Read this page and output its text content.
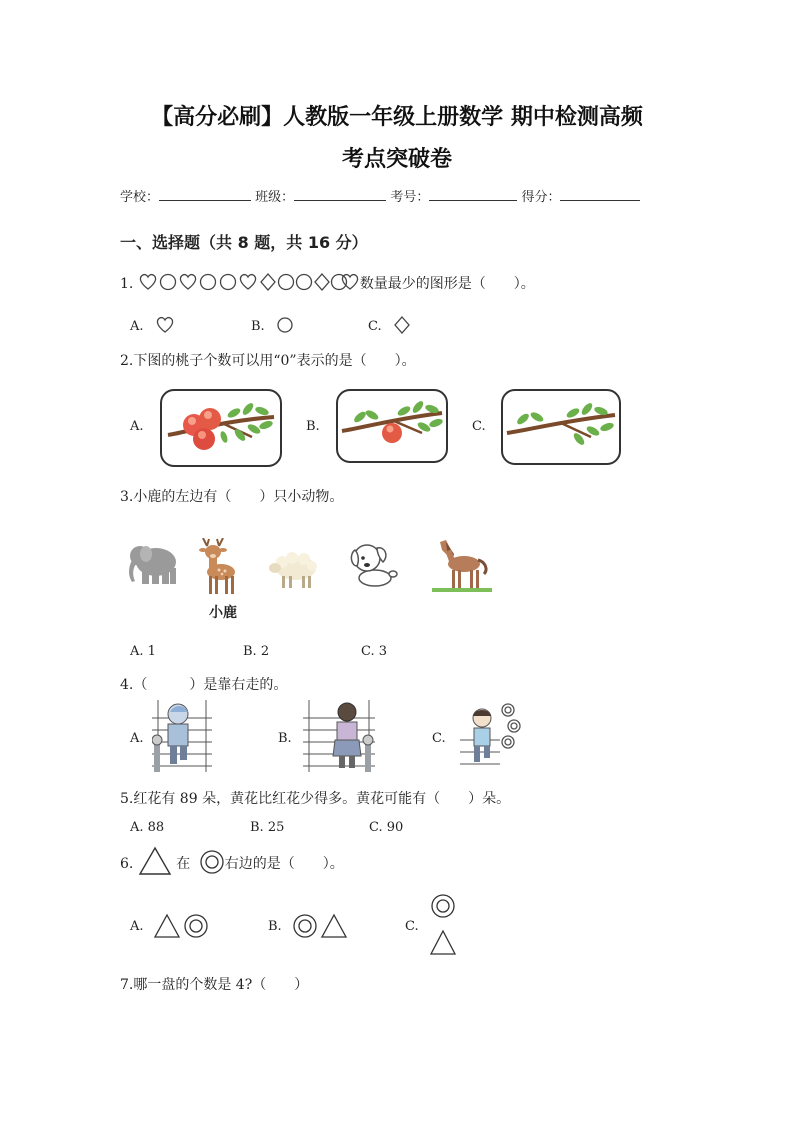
【高分必刷】人教版一年级上册数学 期中检测高频
考点突破卷
学校：	班级：	考号：	得分：
一、选择题（共 8 题，共 16 分）
1.	数量最少的图形是（　　）。
A.	B.	C.
2.下图的桃子个数可以用“0”表示的是（　　）。
A.	B.	C.
3.小鹿的左边有（　　）只小动物。
小鹿
A. 1	B. 2	C. 3
4.（　　　）是靠右走的。
A.	B.	C.
5.红花有 89 朵，黄花比红花少得多。黄花可能有（　　）朵。
A. 88	B. 25	C. 90
6.	在 右边的是（　　）。
A.	B.	C.
7.哪一盘的个数是 4?（　　）
